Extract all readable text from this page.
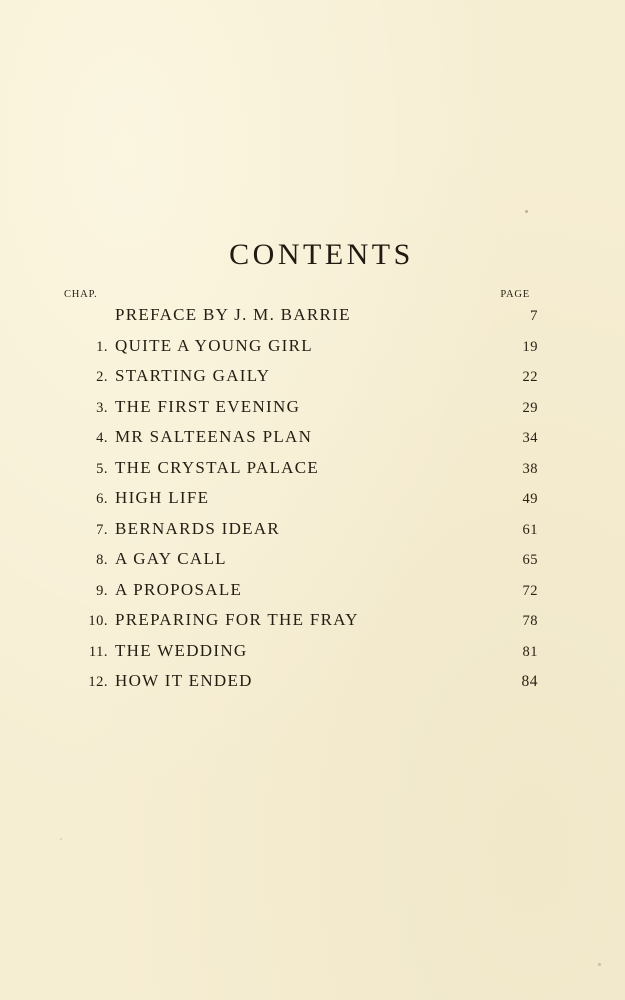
CONTENTS
CHAP.	PAGE
PREFACE BY J. M. BARRIE	7
1. QUITE A YOUNG GIRL	19
2. STARTING GAILY	22
3. THE FIRST EVENING	29
4. MR SALTEENAS PLAN	34
5. THE CRYSTAL PALACE	38
6. HIGH LIFE	49
7. BERNARDS IDEAR	61
8. A GAY CALL	65
9. A PROPOSALE	72
10. PREPARING FOR THE FRAY	78
11. THE WEDDING	81
12. HOW IT ENDED	84
